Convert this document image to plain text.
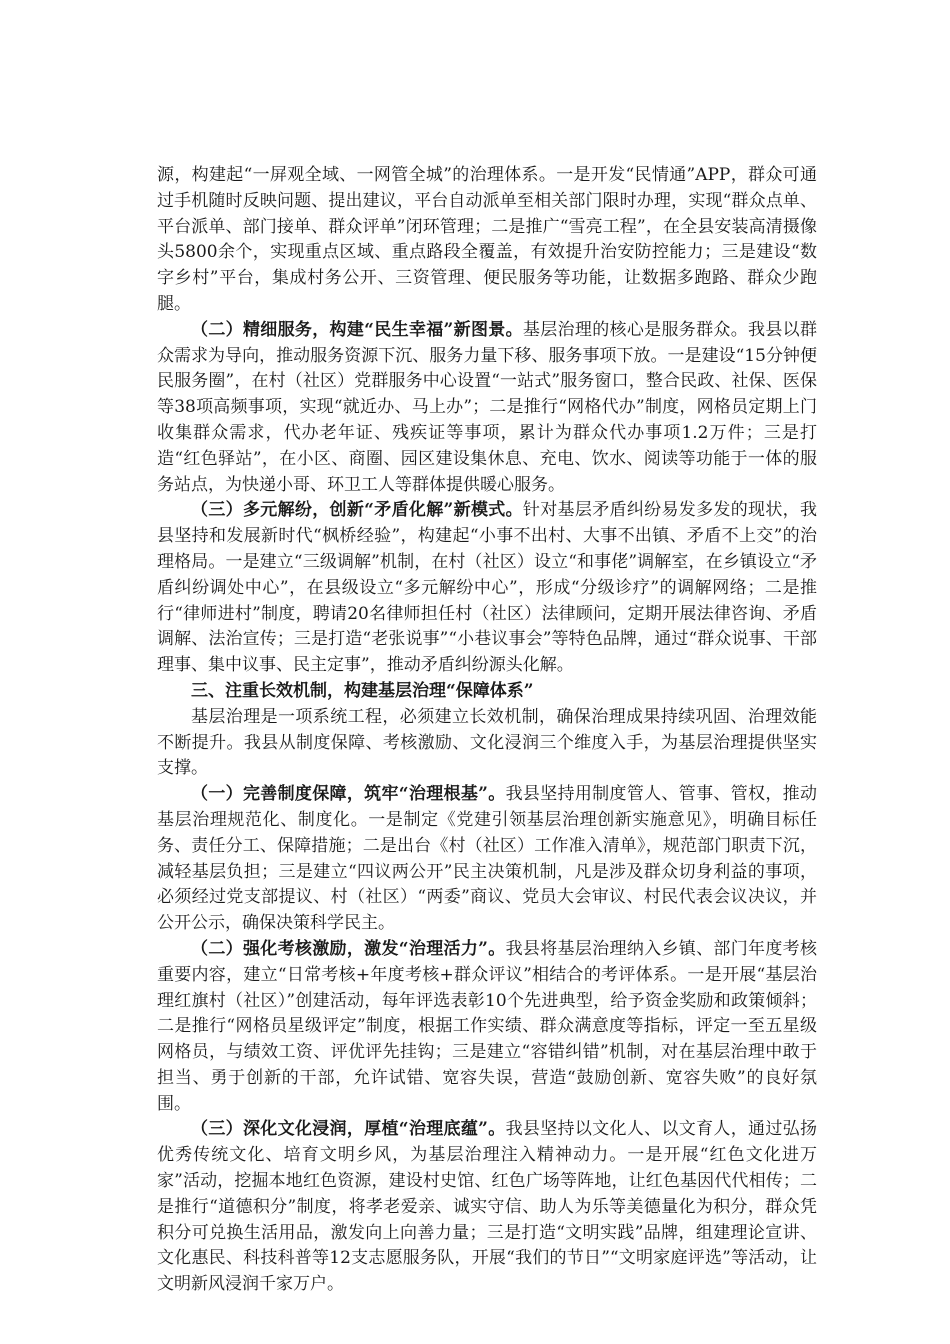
源，构建起“一屏观全域、一网管全城”的治理体系。一是开发“民情通”APP，群众可通过手机随时反映问题、提出建议，平台自动派单至相关部门限时办理，实现“群众点单、平台派单、部门接单、群众评单”闭环管理；二是推广“雪亮工程”，在全县安装高清摄像头5800余个，实现重点区域、重点路段全覆盖，有效提升治安防控能力；三是建设“数字乡村”平台，集成村务公开、三资管理、便民服务等功能，让数据多跑路、群众少跑腿。

（二）精细服务，构建“民生幸福”新图景。基层治理的核心是服务群众。我县以群众需求为导向，推动服务资源下沉、服务力量下移、服务事项下放。一是建设“15分钟便民服务圈”，在村（社区）党群服务中心设置“一站式”服务窗口，整合民政、社保、医保等38项高频事项，实现“就近办、马上办”；二是推行“网格代办”制度，网格员定期上门收集群众需求，代办老年证、残疾证等事项，累计为群众代办事项1.2万件；三是打造“红色驿站”，在小区、商圈、园区建设集休息、充电、饮水、阅读等功能于一体的服务站点，为快递小哥、环卫工人等群体提供暖心服务。

（三）多元解纷，创新“矛盾化解”新模式。针对基层矛盾纠纷易发多发的现状，我县坚持和发展新时代“枫桥经验”，构建起“小事不出村、大事不出镇、矛盾不上交”的治理格局。一是建立“三级调解”机制，在村（社区）设立“和事佬”调解室，在乡镇设立“矛盾纠纷调处中心”，在县级设立“多元解纷中心”，形成“分级诊疗”的调解网络；二是推行“律师进村”制度，聘请20名律师担任村（社区）法律顾问，定期开展法律咨询、矛盾调解、法治宣传；三是打造“老张说事”“小巷议事会”等特色品牌，通过“群众说事、干部理事、集中议事、民主定事”，推动矛盾纠纷源头化解。

三、注重长效机制，构建基层治理“保障体系”

基层治理是一项系统工程，必须建立长效机制，确保治理成果持续巩固、治理效能不断提升。我县从制度保障、考核激励、文化浸润三个维度入手，为基层治理提供坚实支撑。

（一）完善制度保障，筑牢“治理根基”。我县坚持用制度管人、管事、管权，推动基层治理规范化、制度化。一是制定《党建引领基层治理创新实施意见》，明确目标任务、责任分工、保障措施；二是出台《村（社区）工作准入清单》，规范部门职责下沉，减轻基层负担；三是建立“四议两公开”民主决策机制，凡是涉及群众切身利益的事项，必须经过党支部提议、村（社区）“两委”商议、党员大会审议、村民代表会议决议，并公开公示，确保决策科学民主。

（二）强化考核激励，激发“治理活力”。我县将基层治理纳入乡镇、部门年度考核重要内容，建立“日常考核+年度考核+群众评议”相结合的考评体系。一是开展“基层治理红旗村（社区）”创建活动，每年评选表彰10个先进典型，给予资金奖励和政策倾斜；二是推行“网格员星级评定”制度，根据工作实绩、群众满意度等指标，评定一至五星级网格员，与绩效工资、评优评先挂钩；三是建立“容错纠错”机制，对在基层治理中敢于担当、勇于创新的干部，允许试错、宽容失误，营造“鼓励创新、宽容失败”的良好氛围。

（三）深化文化浸润，厚植“治理底蕴”。我县坚持以文化人、以文育人，通过弘扬优秀传统文化、培育文明乡风，为基层治理注入精神动力。一是开展“红色文化进万家”活动，挖掘本地红色资源，建设村史馆、红色广场等阵地，让红色基因代代相传；二是推行“道德积分”制度，将孝老爱亲、诚实守信、助人为乐等美德量化为积分，群众凭积分可兑换生活用品，激发向上向善力量；三是打造“文明实践”品牌，组建理论宣讲、文化惠民、科技科普等12支志愿服务队，开展“我们的节日”“文明家庭评选”等活动，让文明新风浸润千家万户。
